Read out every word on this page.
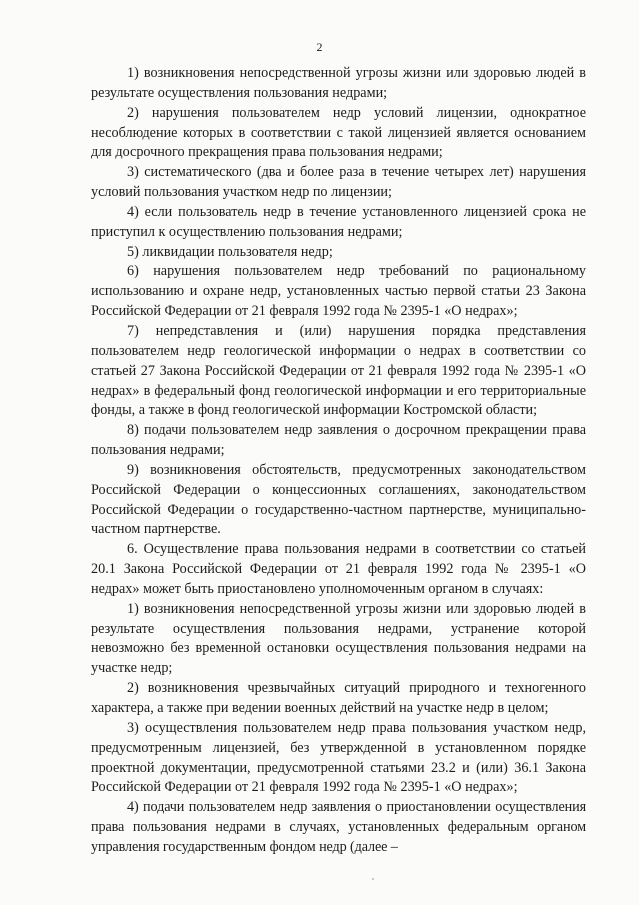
2

1) возникновения непосредственной угрозы жизни или здоровью людей в результате осуществления пользования недрами;

2) нарушения пользователем недр условий лицензии, однократное несоблюдение которых в соответствии с такой лицензией является основанием для досрочного прекращения права пользования недрами;

3) систематического (два и более раза в течение четырех лет) нарушения условий пользования участком недр по лицензии;

4) если пользователь недр в течение установленного лицензией срока не приступил к осуществлению пользования недрами;

5) ликвидации пользователя недр;

6) нарушения пользователем недр требований по рациональному использованию и охране недр, установленных частью первой статьи 23 Закона Российской Федерации от 21 февраля 1992 года № 2395-1 «О недрах»;

7) непредставления и (или) нарушения порядка представления пользователем недр геологической информации о недрах в соответствии со статьей 27 Закона Российской Федерации от 21 февраля 1992 года № 2395-1 «О недрах» в федеральный фонд геологической информации и его территориальные фонды, а также в фонд геологической информации Костромской области;

8) подачи пользователем недр заявления о досрочном прекращении права пользования недрами;

9) возникновения обстоятельств, предусмотренных законодательством Российской Федерации о концессионных соглашениях, законодательством Российской Федерации о государственно-частном партнерстве, муниципально-частном партнерстве.

6. Осуществление права пользования недрами в соответствии со статьей 20.1 Закона Российской Федерации от 21 февраля 1992 года № 2395-1 «О недрах» может быть приостановлено уполномоченным органом в случаях:

1) возникновения непосредственной угрозы жизни или здоровью людей в результате осуществления пользования недрами, устранение которой невозможно без временной остановки осуществления пользования недрами на участке недр;

2) возникновения чрезвычайных ситуаций природного и техногенного характера, а также при ведении военных действий на участке недр в целом;

3) осуществления пользователем недр права пользования участком недр, предусмотренным лицензией, без утвержденной в установленном порядке проектной документации, предусмотренной статьями 23.2 и (или) 36.1 Закона Российской Федерации от 21 февраля 1992 года № 2395-1 «О недрах»;

4) подачи пользователем недр заявления о приостановлении осуществления права пользования недрами в случаях, установленных федеральным органом управления государственным фондом недр (далее –
